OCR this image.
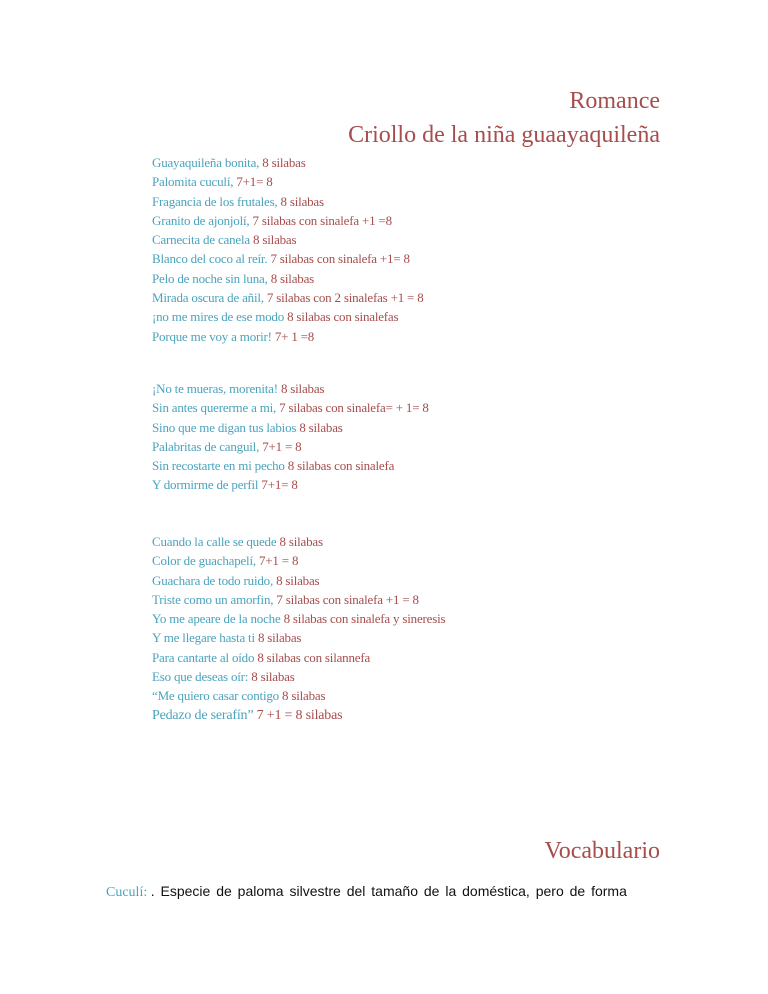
Romance
Criollo de la niña guaayaquileña
Guayaquileña bonita, 8 silabas
Palomita cuculí, 7+1= 8
Fragancia de los frutales, 8 silabas
Granito de ajonjolí, 7 silabas con sinalefa +1 =8
Carnecita de canela 8 silabas
Blanco del coco al reír. 7 silabas con sinalefa +1= 8
Pelo de noche sin luna, 8 silabas
Mirada oscura de añil, 7 silabas con 2 sinalefas +1 = 8
¡no me mires de ese modo 8 silabas con sinalefas
Porque me voy a morir! 7+ 1 =8
¡No te mueras, morenita! 8 silabas
Sin antes quererme a mi, 7 silabas con sinalefa= + 1= 8
Sino que me digan tus labios 8 silabas
Palabritas de canguil, 7+1 = 8
Sin recostarte en mi pecho 8 silabas con sinalefa
Y dormirme de perfil 7+1= 8
Cuando la calle se quede 8 silabas
Color de guachapelí, 7+1 = 8
Guachara de todo ruido, 8 silabas
Triste como un amorfin, 7 silabas con sinalefa +1 = 8
Yo me apeare de la noche 8 silabas con sinalefa y sineresis
Y me llegare hasta ti 8 silabas
Para cantarte al oído 8 silabas con silannefa
Eso que deseas oír: 8 silabas
“Me quiero casar contigo 8 silabas
Pedazo de serafín” 7 +1 = 8 silabas
Vocabulario
Cuculí: . Especie de paloma silvestre del tamaño de la doméstica, pero de forma
